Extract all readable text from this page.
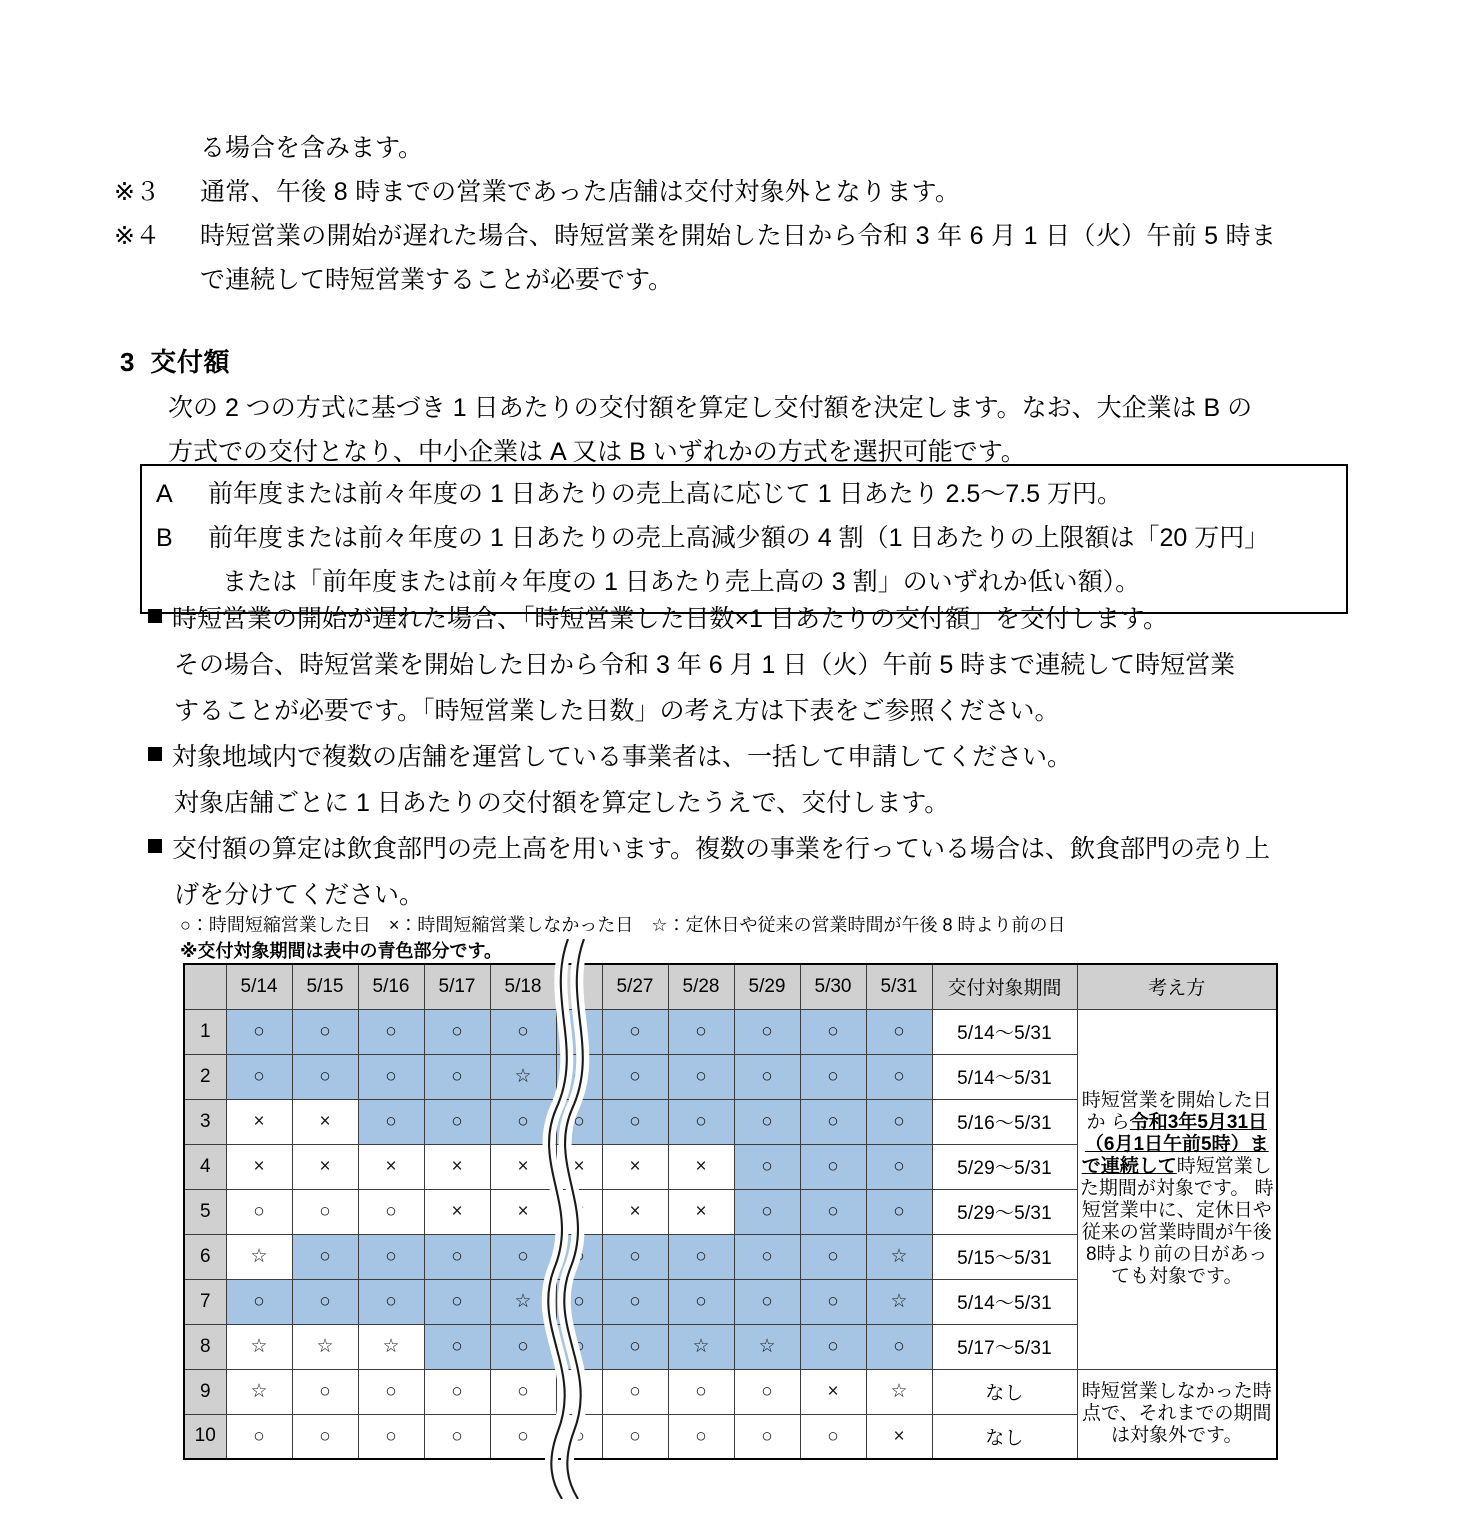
る場合を含みます。
※３	通常、午後 8 時までの営業であった店舗は交付対象外となります。
※４	時短営業の開始が遅れた場合、時短営業を開始した日から令和 3 年 6 月 1 日（火）午前 5 時ま
で連続して時短営業することが必要です。
3 交付額
次の 2 つの方式に基づき 1 日あたりの交付額を算定し交付額を決定します。なお、大企業は B の
方式での交付となり、中小企業は A 又は B いずれかの方式を選択可能です。
A	前年度または前々年度の 1 日あたりの売上高に応じて 1 日あたり 2.5～7.5 万円。
B	前年度または前々年度の 1 日あたりの売上高減少額の 4 割（1 日あたりの上限額は「20 万円」
または「前年度または前々年度の 1 日あたり売上高の 3 割」のいずれか低い額）。
時短営業の開始が遅れた場合、「時短営業した日数×1 日あたりの交付額」を交付します。
その場合、時短営業を開始した日から令和 3 年 6 月 1 日（火）午前 5 時まで連続して時短営業
することが必要です。「時短営業した日数」の考え方は下表をご参照ください。
対象地域内で複数の店舗を運営している事業者は、一括して申請してください。
対象店舗ごとに 1 日あたりの交付額を算定したうえで、交付します。
交付額の算定は飲食部門の売上高を用います。複数の事業を行っている場合は、飲食部門の売り上
げを分けてください。
○：時間短縮営業した日　×：時間短縮営業しなかった日　☆：定休日や従来の営業時間が午後 8 時より前の日
※交付対象期間は表中の青色部分です。
	5/14	5/15	5/16	5/17	5/18		5/27	5/28	5/29	5/30	5/31	交付対象期間	考え方
1	○	○	○	○	○	○	○	○	○	○	○	5/14～5/31	時短営業を開始した日か ら令和3年5月31日（6月1日午前5時）まで連続して時短営業した期間が対象です。 時短営業中に、定休日や従来の営業時間が午後8時より前の日があっても対象です。
2	○	○	○	○	☆	○	○	○	○	○	○	5/14～5/31	
3	×	×	○	○	○	○	○	○	○	○	○	5/16～5/31	
4	×	×	×	×	×	×	×	×	○	○	○	5/29～5/31	
5	○	○	○	×	×	×	×	×	○	○	○	5/29～5/31	
6	☆	○	○	○	○	○	○	○	○	○	☆	5/15～5/31	
7	○	○	○	○	☆	○	○	○	○	○	☆	5/14～5/31	
8	☆	☆	☆	○	○	○	○	☆	☆	○	○	5/17～5/31	
9	☆	○	○	○	○	○	○	○	○	×	☆	なし	時短営業しなかった時点で、それまでの期間は対象外です。
10	○	○	○	○	○	○	○	○	○	○	×	なし	
